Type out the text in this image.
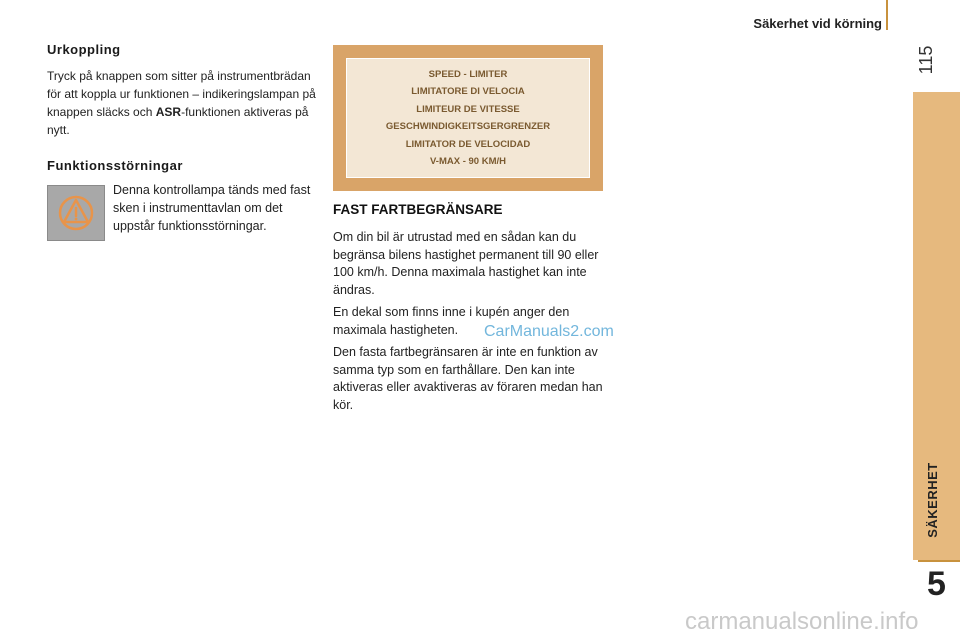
Säkerhet vid körning
115
SÄKERHET
5
Urkoppling

Tryck på knappen som sitter på instrumentbrädan för att koppla ur funktionen – indikeringslampan på knappen släcks och ASR-funktionen aktiveras på nytt.

Funktionsstörningar
Denna kontrollampa tänds med fast sken i instrumenttavlan om det uppstår funktionsstörningar.
SPEED - LIMITER
LIMITATORE DI VELOCIA
LIMITEUR DE VITESSE
GESCHWINDIGKEITSGERGRENZER
LIMITATOR DE VELOCIDAD
V-MAX - 90 KM/H
FAST FARTBEGRÄNSARE

Om din bil är utrustad med en sådan kan du begränsa bilens hastighet permanent till 90 eller 100 km/h. Denna maximala hastighet kan inte ändras.

En dekal som finns inne i kupén anger den maximala hastigheten.

Den fasta fartbegränsaren är inte en funktion av samma typ som en farthållare. Den kan inte aktiveras eller avaktiveras av föraren medan han kör.

CarManuals2.com
carmanualsonline.info
